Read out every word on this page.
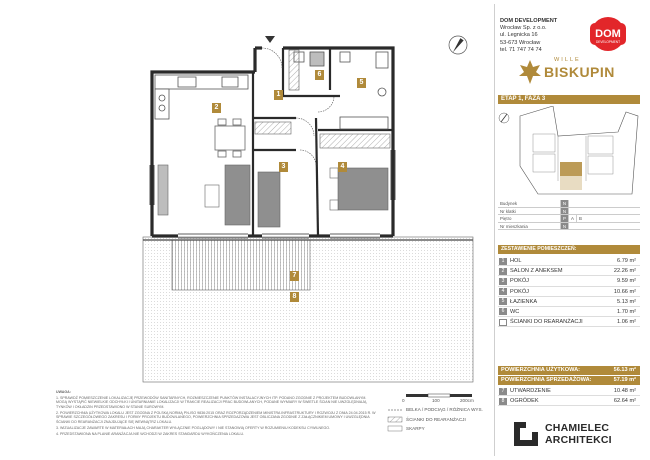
1
2
3	4
5
6
7
8
DOM DEVELOPMENT
Wrocław Sp. z o.o.
ul. Legnicka 16
53-673 Wrocław
tel. 71 747 74 74
DOM
DEVELOPMENT
WILLE
BISKUPIN
ETAP 1, FAZA 3
Budynek	N
Nr klatki	N
Piętro	P	A	B
Nr mieszkania	N
ZESTAWIENIE POMIESZCZEŃ:
1	HOL	6.79 m²
2	SALON Z ANEKSEM	22.26 m²
3	POKÓJ	9.59 m²
4	POKÓJ	10.66 m²
5	ŁAZIENKA	5.13 m²
6	WC	1.70 m²
ŚCIANKI DO REARANŻACJI	1.06 m²
POWIERZCHNIA UŻYTKOWA:	56.13 m²
POWIERZCHNIA SPRZEDAŻOWA:	57.19 m²
7	UTWARDZENIE	10.48 m²
8	OGRÓDEK	62.64 m²
UWAGA:

1. SPRAWDŹ POMIESZCZENIE LOKALIZACJĘ PRZEWODÓW SANITARNYCH, ROZMIESZCZENIE PUNKTÓW INSTALACYJNYCH ITP. PODANO ZGODNIE Z PROJEKTEM BUDOWLANYM. MOGĄ WYSTĄPIĆ NIEWIELKIE ODCHYŁKI I UNITARNIANIE LOKALIZACJI W TRAKCIE REALIZACJI PRAC BUDOWLANYCH, PODANE WYMIARY W ŚWIETLE ŚCIAN NIE UWZGLĘDNIAJĄ TYNKÓW I OKŁADZIN PRZEDSTAWIONO W STANIE SUROWYM.

2. POWIERZCHNIA UŻYTKOWA LOKALU JEST ZGODNA Z POLSKĄ NORMĄ PN-ISO 9836:2015 ORAZ ROZPORZĄDZENIEM MINISTRA INFRASTRUKTURY I ROZWOJU Z DNIA 24.04.2015 R. W SPRAWIE SZCZEGÓŁOWEGO ZAKRESU I FORMY PROJEKTU BUDOWLANEGO, POWIERZCHNIA SPRZEDAŻOWA JEST OBLICZANA ZGODNIE Z ZAŁĄCZNIKIEM UMOWY I UWZGLĘDNIA ŚCIANKI DO REARANŻACJI ZNAJDUJĄCE SIĘ WEWNĄTRZ LOKALU.

3. WIZUALIZACJE ZAWARTE W MATERIAŁACH MAJĄ CHARAKTER WYŁĄCZNIE POGLĄDOWY I NIE STANOWIĄ OFERTY W ROZUMIENIU KODEKSU CYWILNEGO.

4. PRZEDSTAWIONA NA PLANIE ARANŻACJA NIE WCHODZI W ZAKRES STANDARDU WYKOŃCZENIA LOKALU.

0	100	200cm
BELKA / PODCIĄG / RÓŻNICA WYS.
ŚCIANKI DO REARANŻACJI
SKARPY	CHAMIELEC
ARCHITEKCI
